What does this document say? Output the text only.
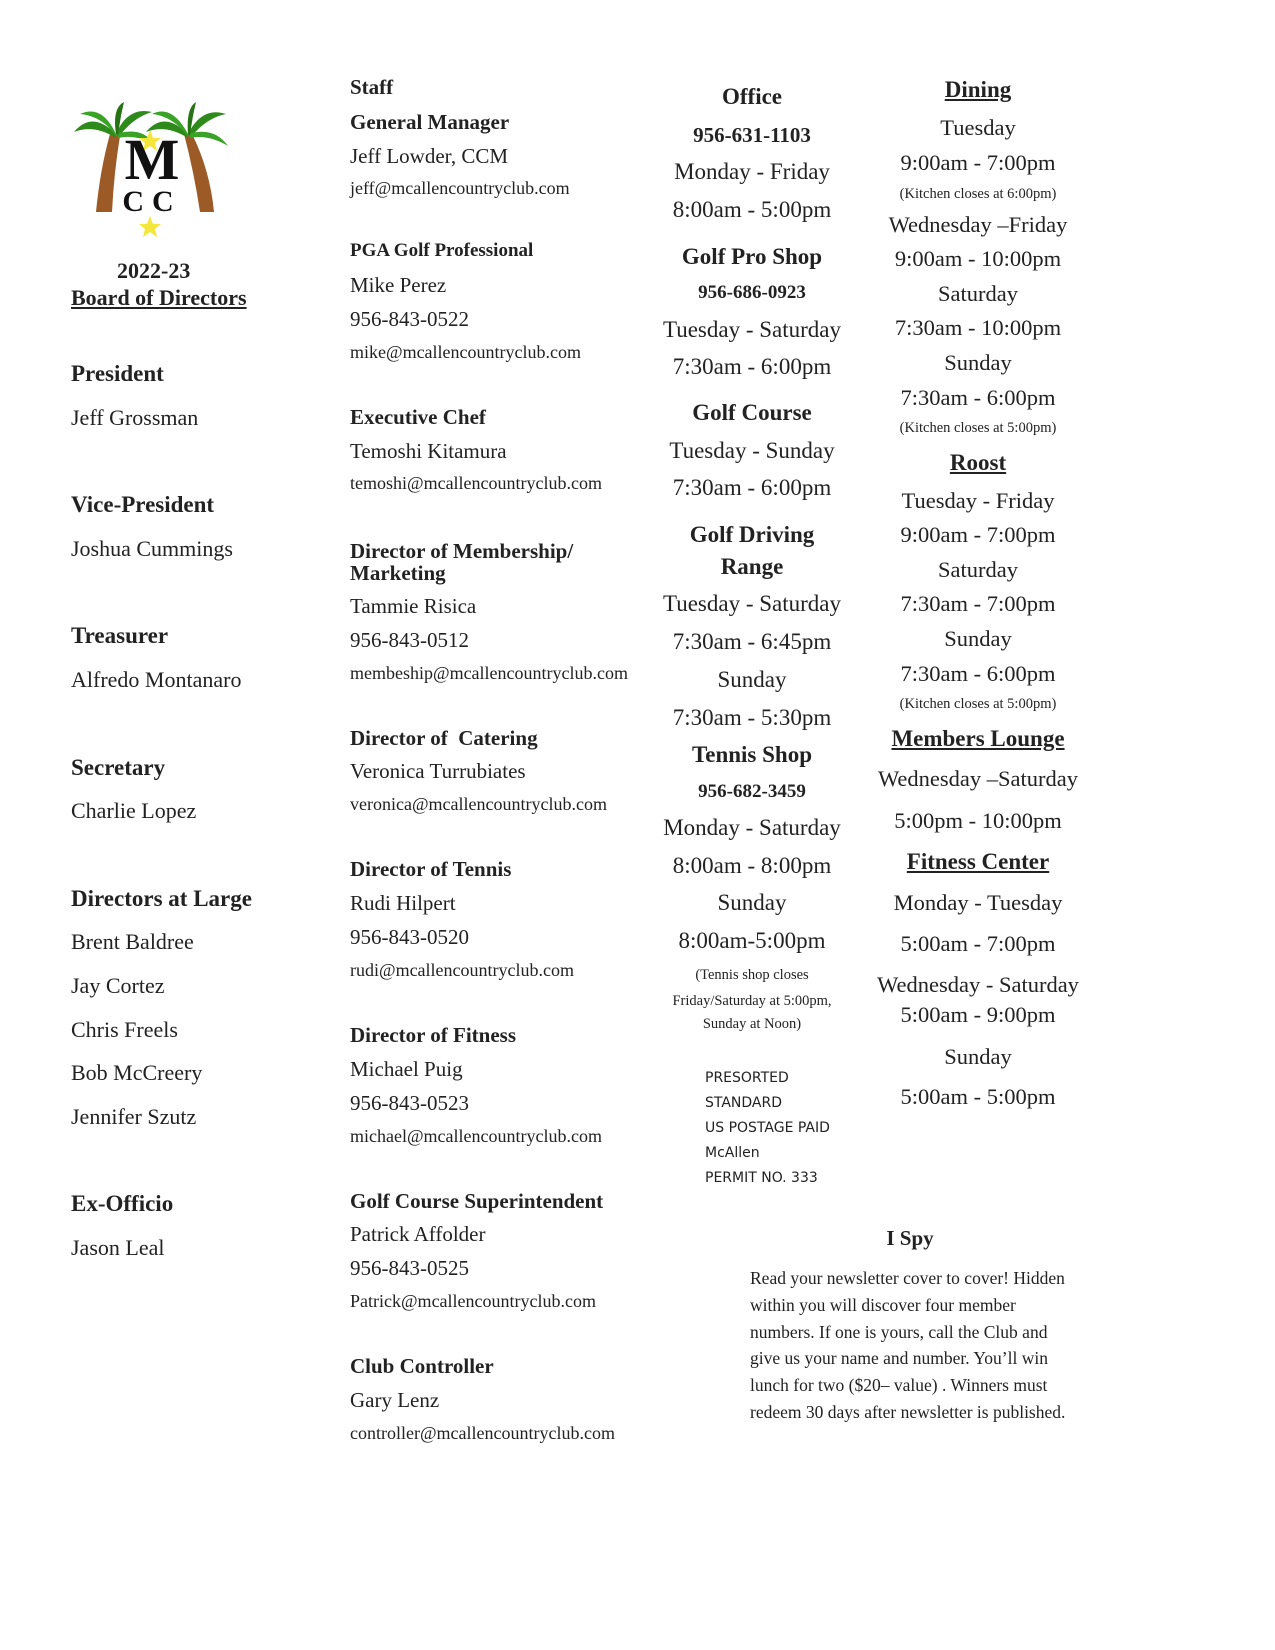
M
CC
2022-23
Board of Directors
President
Jeff Grossman
Vice-President
Joshua Cummings
Treasurer
Alfredo Montanaro
Secretary
Charlie Lopez
Directors at Large
Brent Baldree
Jay Cortez
Chris Freels
Bob McCreery
Jennifer Szutz
Ex-Officio
Jason Leal
Staff
General Manager
Jeff Lowder, CCM
jeff@mcallencountryclub.com
PGA Golf Professional
Mike Perez
956-843-0522
mike@mcallencountryclub.com
Executive Chef
Temoshi Kitamura
temoshi@mcallencountryclub.com
Director of Membership/
Marketing
Tammie Risica
956-843-0512
membeship@mcallencountryclub.com
Director of  Catering
Veronica Turrubiates
veronica@mcallencountryclub.com
Director of Tennis
Rudi Hilpert
956-843-0520
rudi@mcallencountryclub.com
Director of Fitness
Michael Puig
956-843-0523
michael@mcallencountryclub.com
Golf Course Superintendent
Patrick Affolder
956-843-0525
Patrick@mcallencountryclub.com
Club Controller
Gary Lenz
controller@mcallencountryclub.com
Office
956-631-1103
Monday - Friday
8:00am - 5:00pm
Golf Pro Shop
956-686-0923
Tuesday - Saturday
7:30am - 6:00pm
Golf Course
Tuesday - Sunday
7:30am - 6:00pm
Golf Driving
Range
Tuesday - Saturday
7:30am - 6:45pm
Sunday
7:30am - 5:30pm
Tennis Shop
956-682-3459
Monday - Saturday
8:00am - 8:00pm
Sunday
8:00am-5:00pm
(Tennis shop closes
Friday/Saturday at 5:00pm,
Sunday at Noon)
PRESORTED
STANDARD
US POSTAGE PAID
McAllen
PERMIT NO. 333
Dining
Tuesday
9:00am - 7:00pm
(Kitchen closes at 6:00pm)
Wednesday –Friday
9:00am - 10:00pm
Saturday
7:30am - 10:00pm
Sunday
7:30am - 6:00pm
(Kitchen closes at 5:00pm)
Roost
Tuesday - Friday
9:00am - 7:00pm
Saturday
7:30am - 7:00pm
Sunday
7:30am - 6:00pm
(Kitchen closes at 5:00pm)
Members Lounge
Wednesday –Saturday
5:00pm - 10:00pm
Fitness Center
Monday - Tuesday
5:00am - 7:00pm
Wednesday - Saturday
5:00am - 9:00pm
Sunday
5:00am - 5:00pm
I Spy
Read your newsletter cover to cover! Hidden within you will discover four member numbers. If one is yours, call the Club and give us your name and number. You’ll win lunch for two ($20– value) . Winners must redeem 30 days after newsletter is published.
